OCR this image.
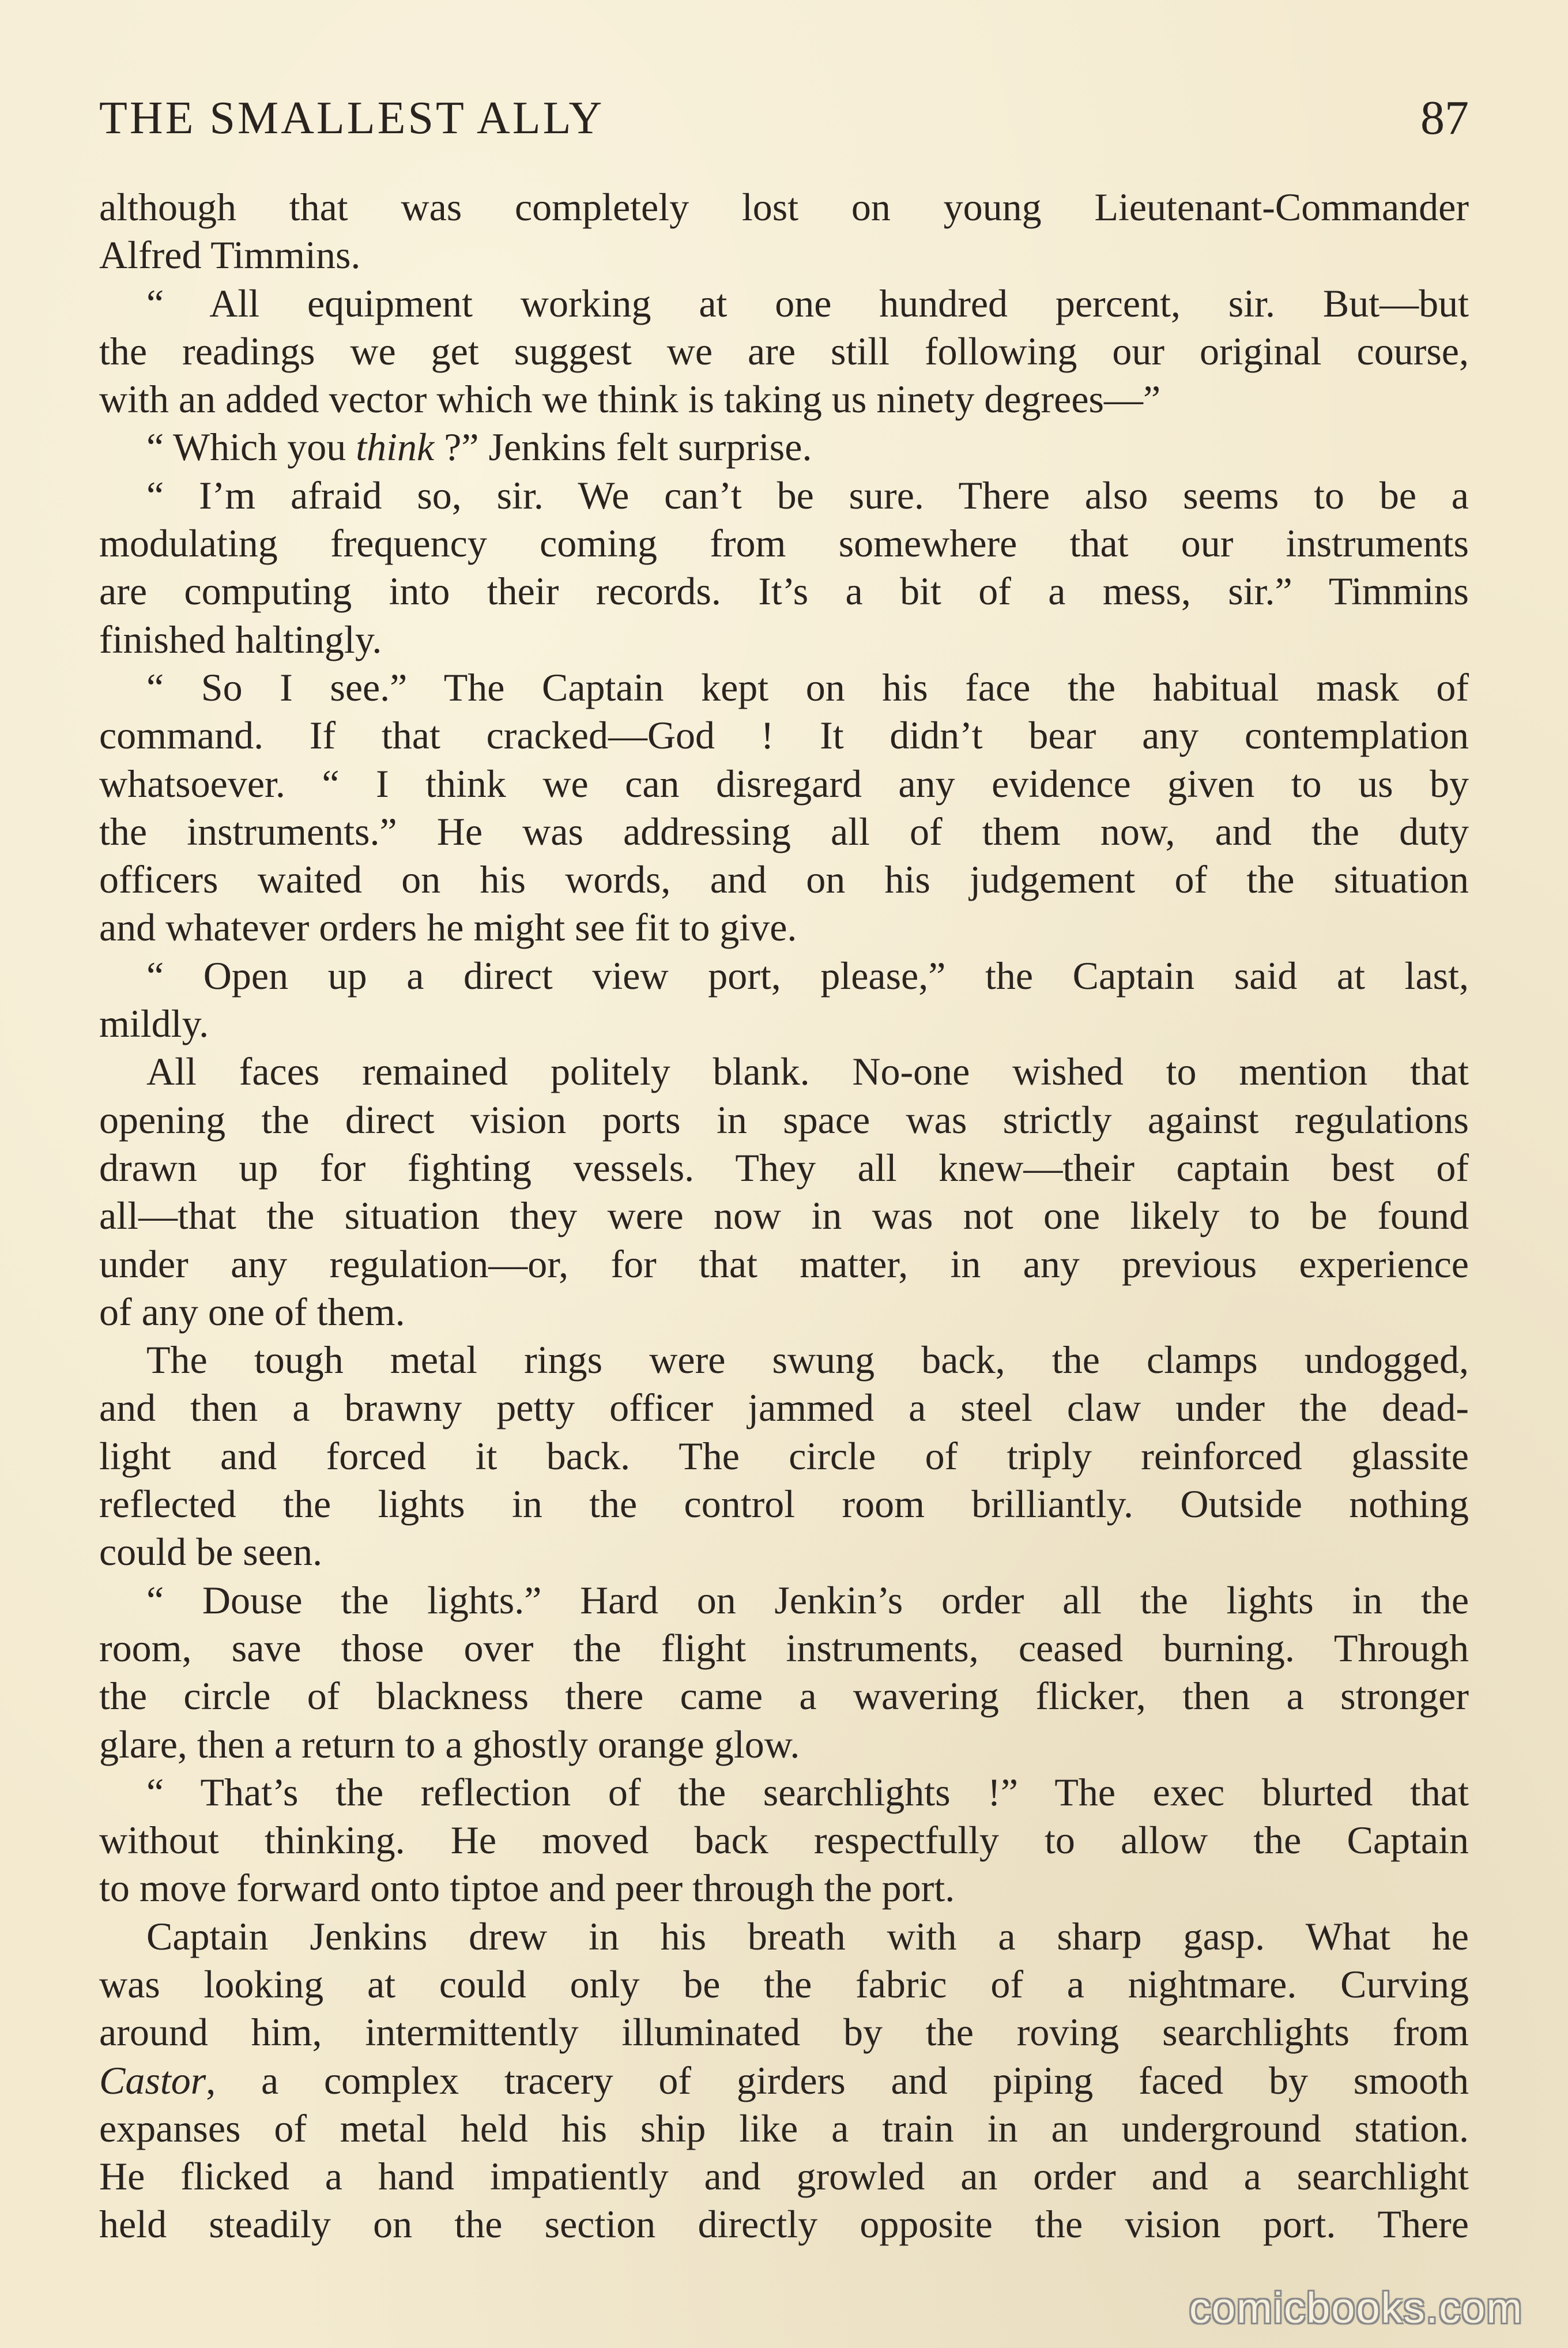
THE SMALLEST ALLY	87
although that was completely lost on young Lieutenant-Commander
Alfred Timmins.
“ All equipment working at one hundred percent, sir. But—but
the readings we get suggest we are still following our original course,
with an added vector which we think is taking us ninety degrees—”
“ Which you think ?” Jenkins felt surprise.
“ I’m afraid so, sir. We can’t be sure. There also seems to be a
modulating frequency coming from somewhere that our instruments
are computing into their records. It’s a bit of a mess, sir.” Timmins
finished haltingly.
“ So I see.” The Captain kept on his face the habitual mask of
command. If that cracked—God ! It didn’t bear any contemplation
whatsoever. “ I think we can disregard any evidence given to us by
the instruments.” He was addressing all of them now, and the duty
officers waited on his words, and on his judgement of the situation
and whatever orders he might see fit to give.
“ Open up a direct view port, please,” the Captain said at last,
mildly.
All faces remained politely blank. No-one wished to mention that
opening the direct vision ports in space was strictly against regulations
drawn up for fighting vessels. They all knew—their captain best of
all—that the situation they were now in was not one likely to be found
under any regulation—or, for that matter, in any previous experience
of any one of them.
The tough metal rings were swung back, the clamps undogged,
and then a brawny petty officer jammed a steel claw under the dead-
light and forced it back. The circle of triply reinforced glassite
reflected the lights in the control room brilliantly. Outside nothing
could be seen.
“ Douse the lights.” Hard on Jenkin’s order all the lights in the
room, save those over the flight instruments, ceased burning. Through
the circle of blackness there came a wavering flicker, then a stronger
glare, then a return to a ghostly orange glow.
“ That’s the reflection of the searchlights !” The exec blurted that
without thinking. He moved back respectfully to allow the Captain
to move forward onto tiptoe and peer through the port.
Captain Jenkins drew in his breath with a sharp gasp. What he
was looking at could only be the fabric of a nightmare. Curving
around him, intermittently illuminated by the roving searchlights from
Castor, a complex tracery of girders and piping faced by smooth
expanses of metal held his ship like a train in an underground station.
He flicked a hand impatiently and growled an order and a searchlight
held steadily on the section directly opposite the vision port. There
comicbooks.com
